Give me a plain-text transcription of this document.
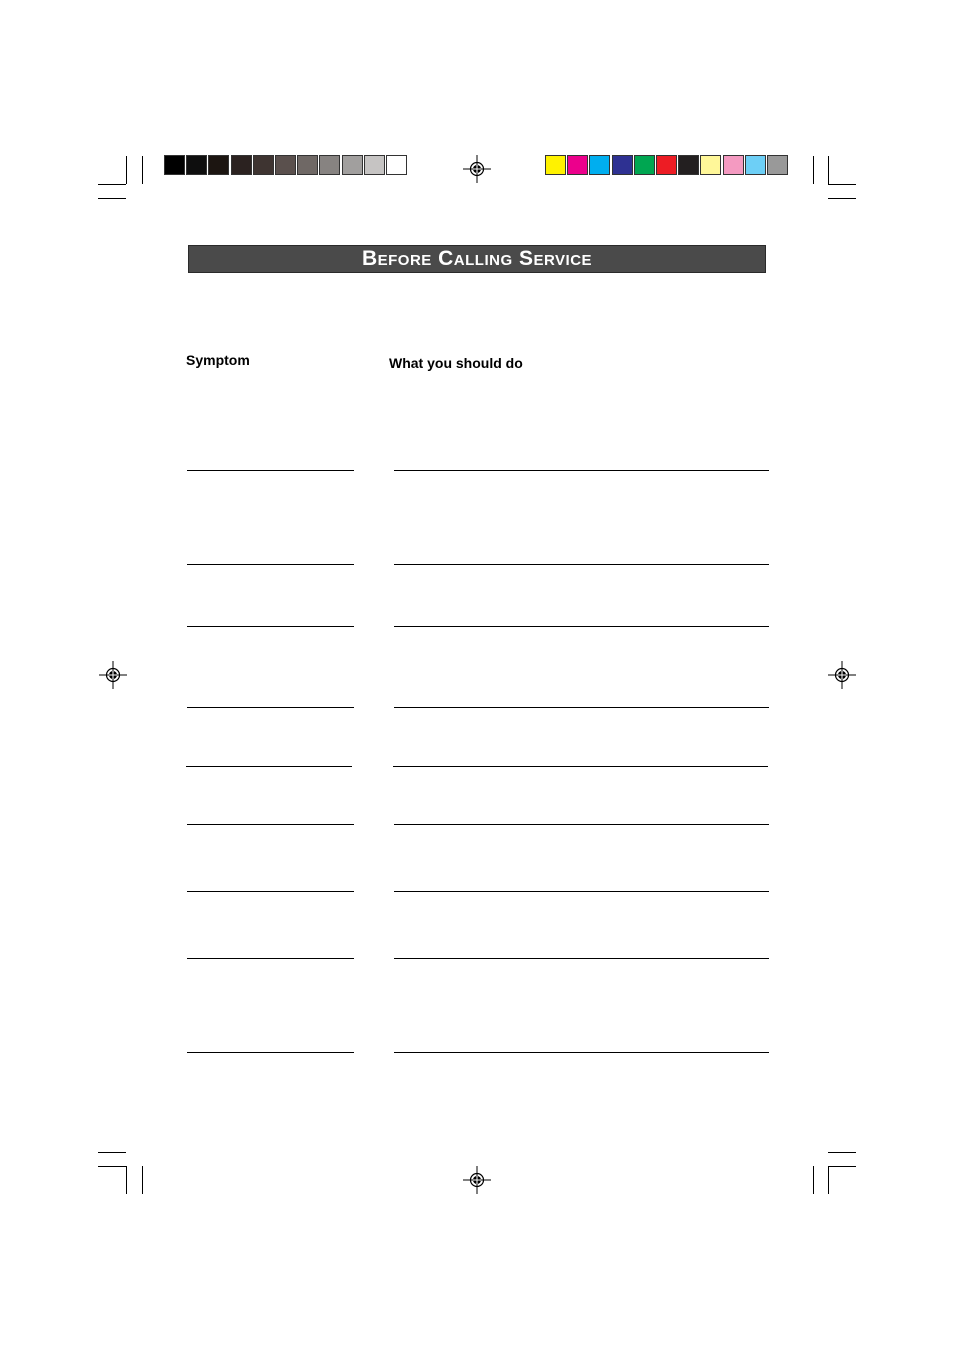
Before Calling Service
Symptom	What you should do
